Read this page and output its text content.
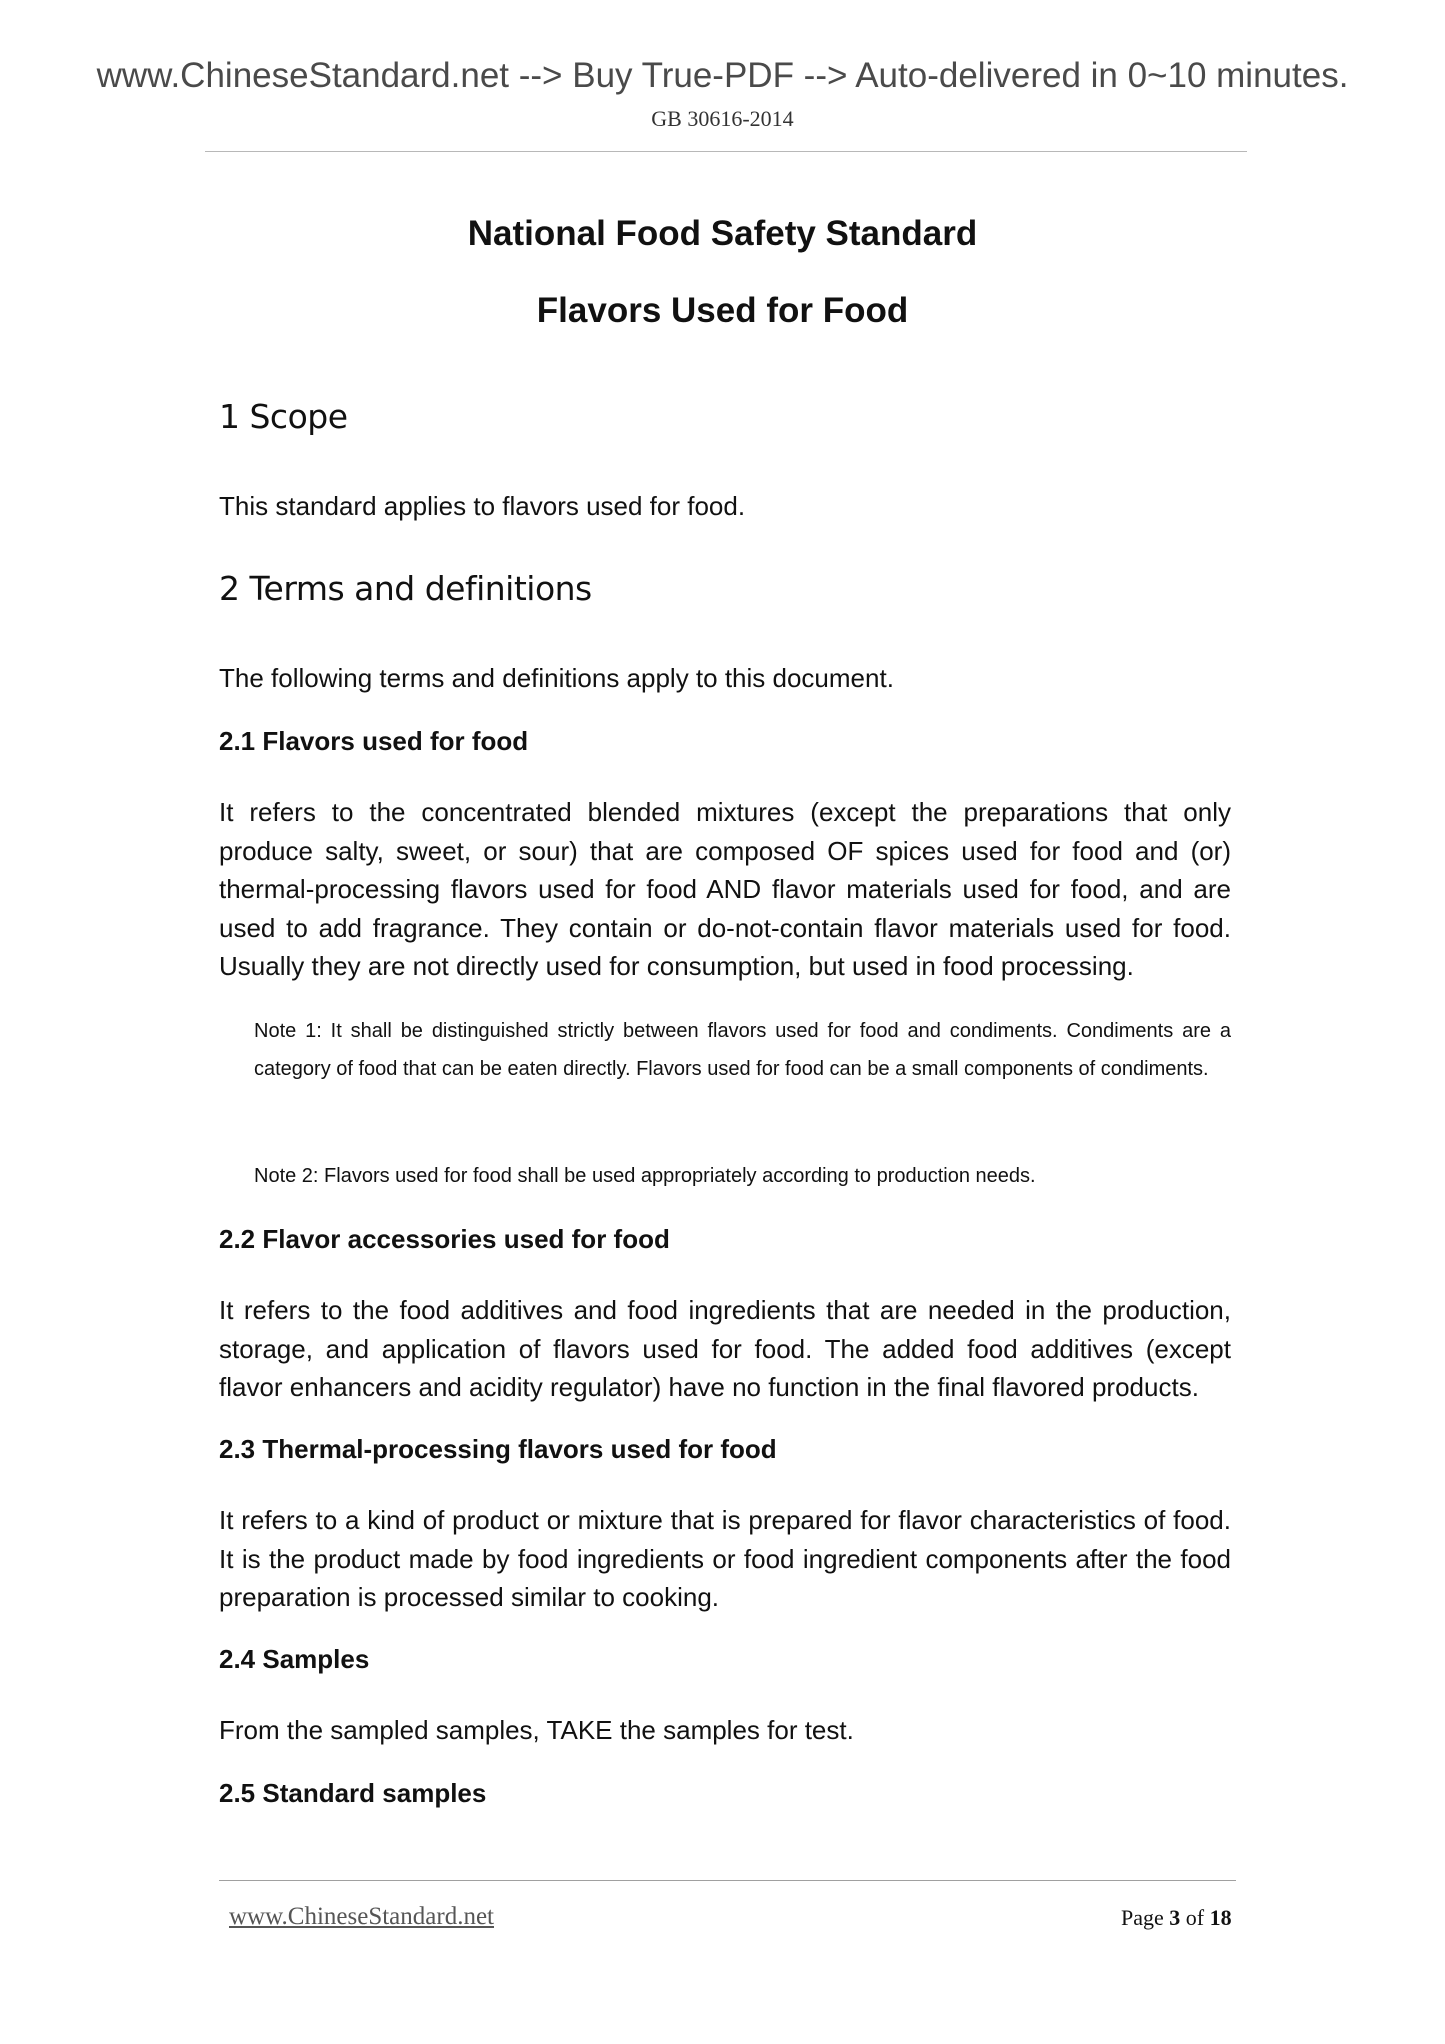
www.ChineseStandard.net --> Buy True-PDF --> Auto-delivered in 0~10 minutes.
GB 30616-2014
National Food Safety Standard
Flavors Used for Food
1 Scope

This standard applies to flavors used for food.

2 Terms and definitions

The following terms and definitions apply to this document.

2.1 Flavors used for food

It refers to the concentrated blended mixtures (except the preparations that only produce salty, sweet, or sour) that are composed OF spices used for food and (or) thermal-processing flavors used for food AND flavor materials used for food, and are used to add fragrance. They contain or do-not-contain flavor materials used for food. Usually they are not directly used for consumption, but used in food processing.

Note 1: It shall be distinguished strictly between flavors used for food and condiments. Condiments are a category of food that can be eaten directly. Flavors used for food can be a small components of condiments.

Note 2: Flavors used for food shall be used appropriately according to production needs.

2.2 Flavor accessories used for food

It refers to the food additives and food ingredients that are needed in the production, storage, and application of flavors used for food. The added food additives (except flavor enhancers and acidity regulator) have no function in the final flavored products.

2.3 Thermal-processing flavors used for food

It refers to a kind of product or mixture that is prepared for flavor characteristics of food. It is the product made by food ingredients or food ingredient components after the food preparation is processed similar to cooking.

2.4 Samples

From the sampled samples, TAKE the samples for test.

2.5 Standard samples
www.ChineseStandard.net	Page 3 of 18
